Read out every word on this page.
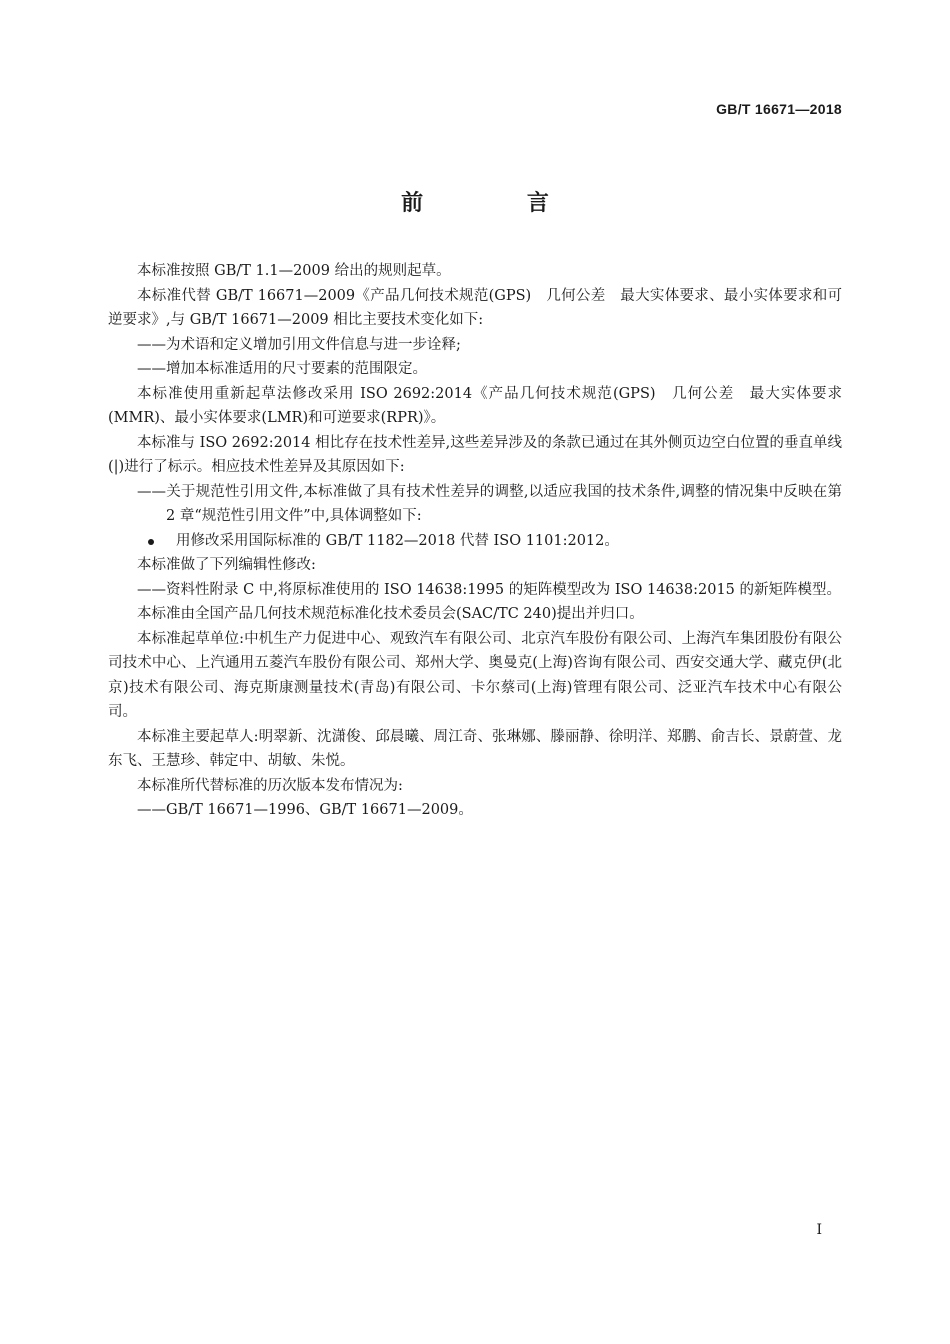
GB/T 16671—2018
前 言

本标准按照 GB/T 1.1—2009 给出的规则起草。

本标准代替 GB/T 16671—2009《产品几何技术规范(GPS)　几何公差　最大实体要求、最小实体要求和可逆要求》,与 GB/T 16671—2009 相比主要技术变化如下:

——为术语和定义增加引用文件信息与进一步诠释;

——增加本标准适用的尺寸要素的范围限定。

本标准使用重新起草法修改采用 ISO 2692:2014《产品几何技术规范(GPS)　几何公差　最大实体要求(MMR)、最小实体要求(LMR)和可逆要求(RPR)》。

本标准与 ISO 2692:2014 相比存在技术性差异,这些差异涉及的条款已通过在其外侧页边空白位置的垂直单线(|)进行了标示。相应技术性差异及其原因如下:

——关于规范性引用文件,本标准做了具有技术性差异的调整,以适应我国的技术条件,调整的情况集中反映在第 2 章“规范性引用文件”中,具体调整如下:

用修改采用国际标准的 GB/T 1182—2018 代替 ISO 1101:2012。

本标准做了下列编辑性修改:

——资料性附录 C 中,将原标准使用的 ISO 14638:1995 的矩阵模型改为 ISO 14638:2015 的新矩阵模型。

本标准由全国产品几何技术规范标准化技术委员会(SAC/TC 240)提出并归口。

本标准起草单位:中机生产力促进中心、观致汽车有限公司、北京汽车股份有限公司、上海汽车集团股份有限公司技术中心、上汽通用五菱汽车股份有限公司、郑州大学、奥曼克(上海)咨询有限公司、西安交通大学、藏克伊(北京)技术有限公司、海克斯康测量技术(青岛)有限公司、卡尔蔡司(上海)管理有限公司、泛亚汽车技术中心有限公司。

本标准主要起草人:明翠新、沈潇俊、邱晨曦、周江奇、张琳娜、滕丽静、徐明洋、郑鹏、俞吉长、景蔚萱、龙东飞、王慧珍、韩定中、胡敏、朱悦。

本标准所代替标准的历次版本发布情况为:

——GB/T 16671—1996、GB/T 16671—2009。

I
